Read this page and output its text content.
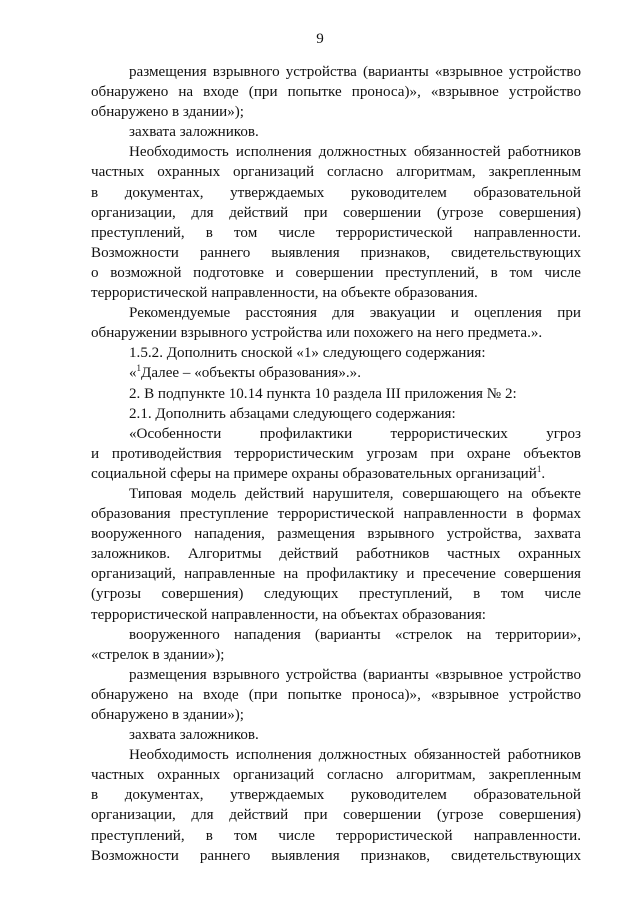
9
размещения взрывного устройства (варианты «взрывное устройство
обнаружено на входе (при попытке проноса)», «взрывное устройство
обнаружено в здании»);
захвата заложников.
Необходимость исполнения должностных обязанностей работников
частных охранных организаций согласно алгоритмам, закрепленным
в документах, утверждаемых руководителем образовательной
организации, для действий при совершении (угрозе совершения)
преступлений, в том числе террористической направленности.
Возможности раннего выявления признаков, свидетельствующих
о возможной подготовке и совершении преступлений, в том числе
террористической направленности, на объекте образования.
Рекомендуемые расстояния для эвакуации и оцепления при
обнаружении взрывного устройства или похожего на него предмета.».
1.5.2. Дополнить сноской «1» следующего содержания:
«$^1$Далее – «объекты образования».».
2. В подпункте 10.14 пункта 10 раздела III приложения № 2:
2.1. Дополнить абзацами следующего содержания:
«Особенности профилактики террористических угроз
и противодействия террористическим угрозам при охране объектов
социальной сферы на примере охраны образовательных организаций$^1$.
Типовая модель действий нарушителя, совершающего на объекте
образования преступление террористической направленности в формах
вооруженного нападения, размещения взрывного устройства, захвата
заложников. Алгоритмы действий работников частных охранных
организаций, направленные на профилактику и пресечение совершения
(угрозы совершения) следующих преступлений, в том числе
террористической направленности, на объектах образования:
вооруженного нападения (варианты «стрелок на территории»,
«стрелок в здании»);
размещения взрывного устройства (варианты «взрывное устройство
обнаружено на входе (при попытке проноса)», «взрывное устройство
обнаружено в здании»);
захвата заложников.
Необходимость исполнения должностных обязанностей работников
частных охранных организаций согласно алгоритмам, закрепленным
в документах, утверждаемых руководителем образовательной
организации, для действий при совершении (угрозе совершения)
преступлений, в том числе террористической направленности.
Возможности раннего выявления признаков, свидетельствующих
